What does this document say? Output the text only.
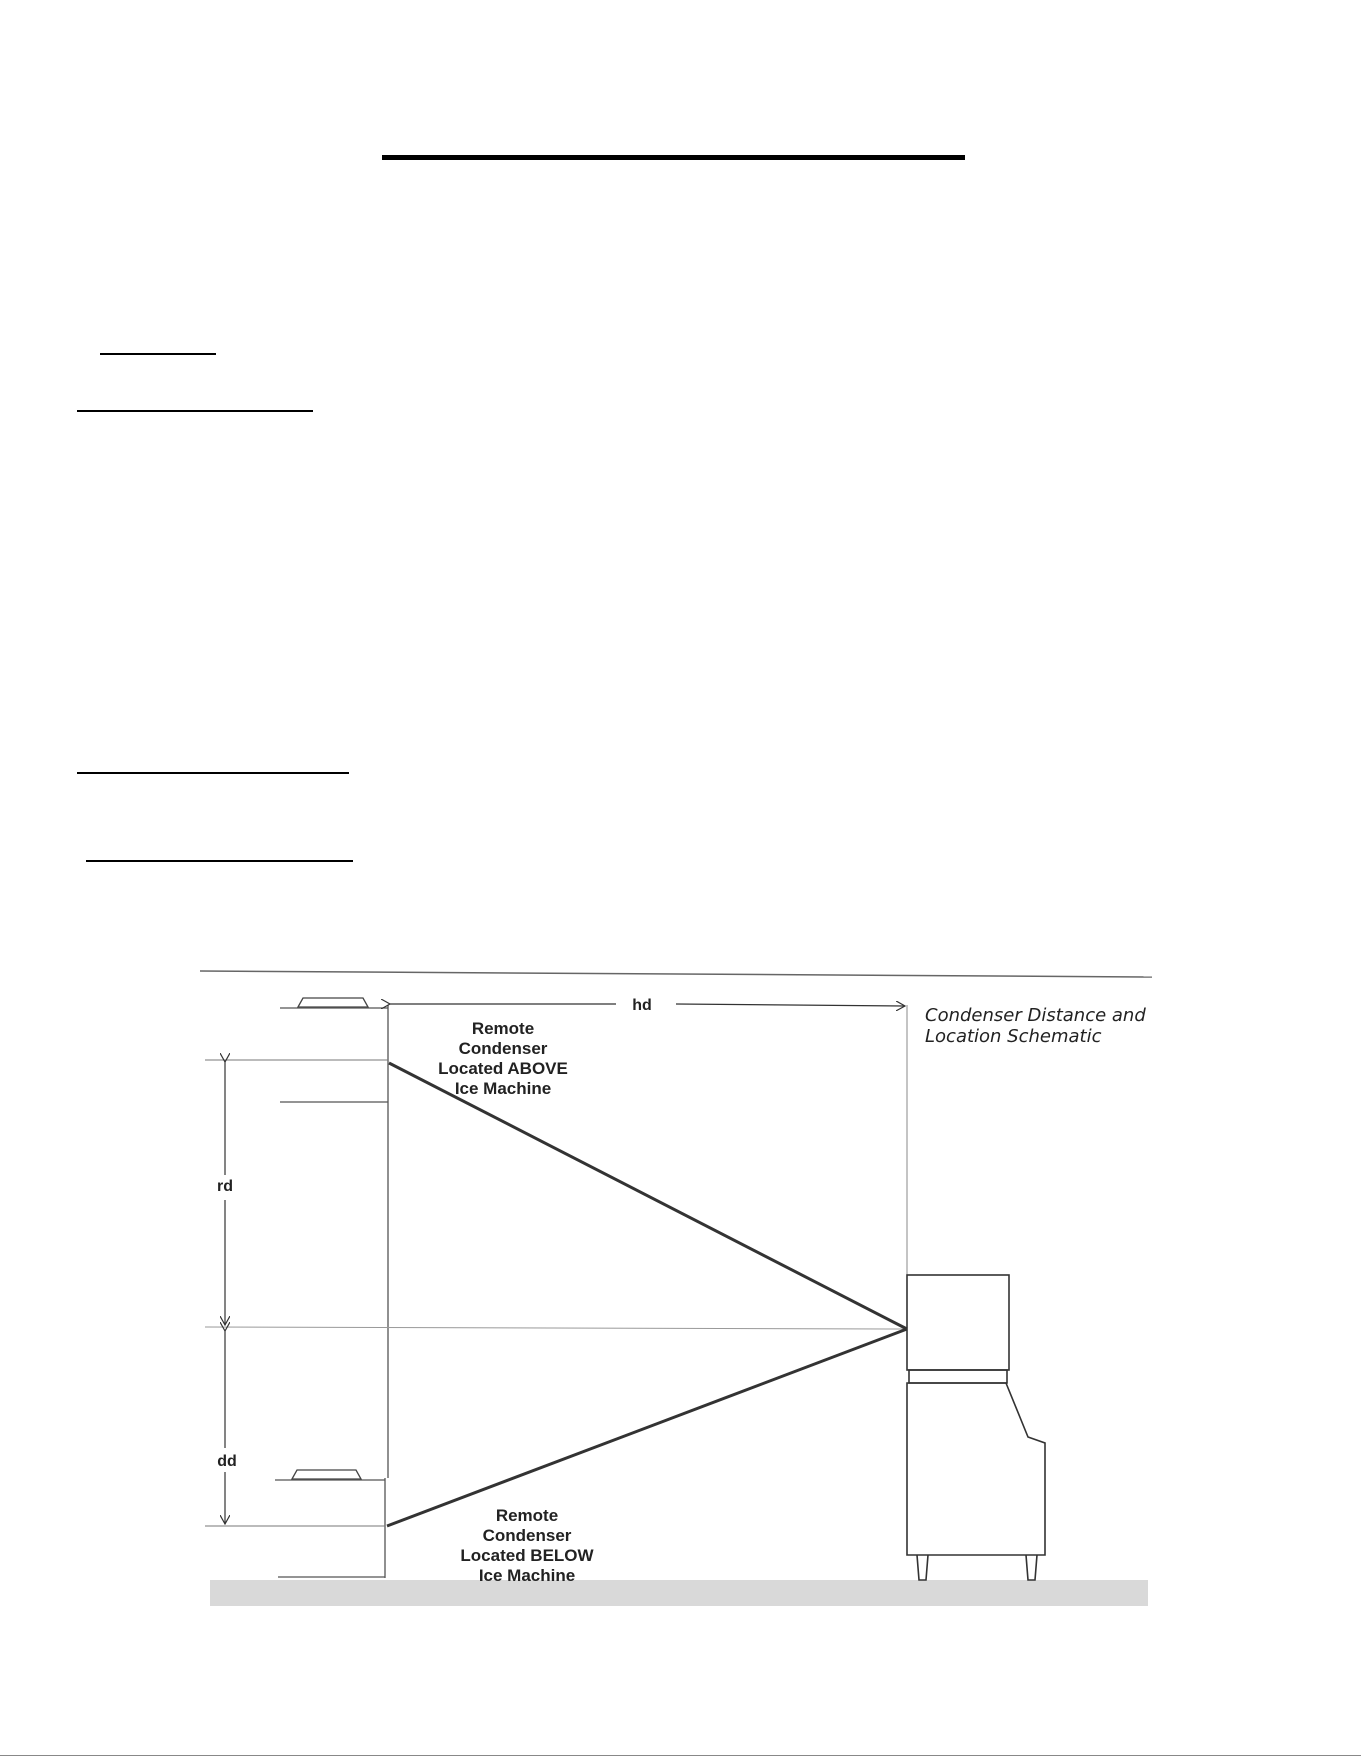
hd
rd
dd
Remote
Condenser
Located ABOVE
Ice Machine
Remote
Condenser
Located BELOW
Ice Machine
Condenser Distance and
Location Schematic
